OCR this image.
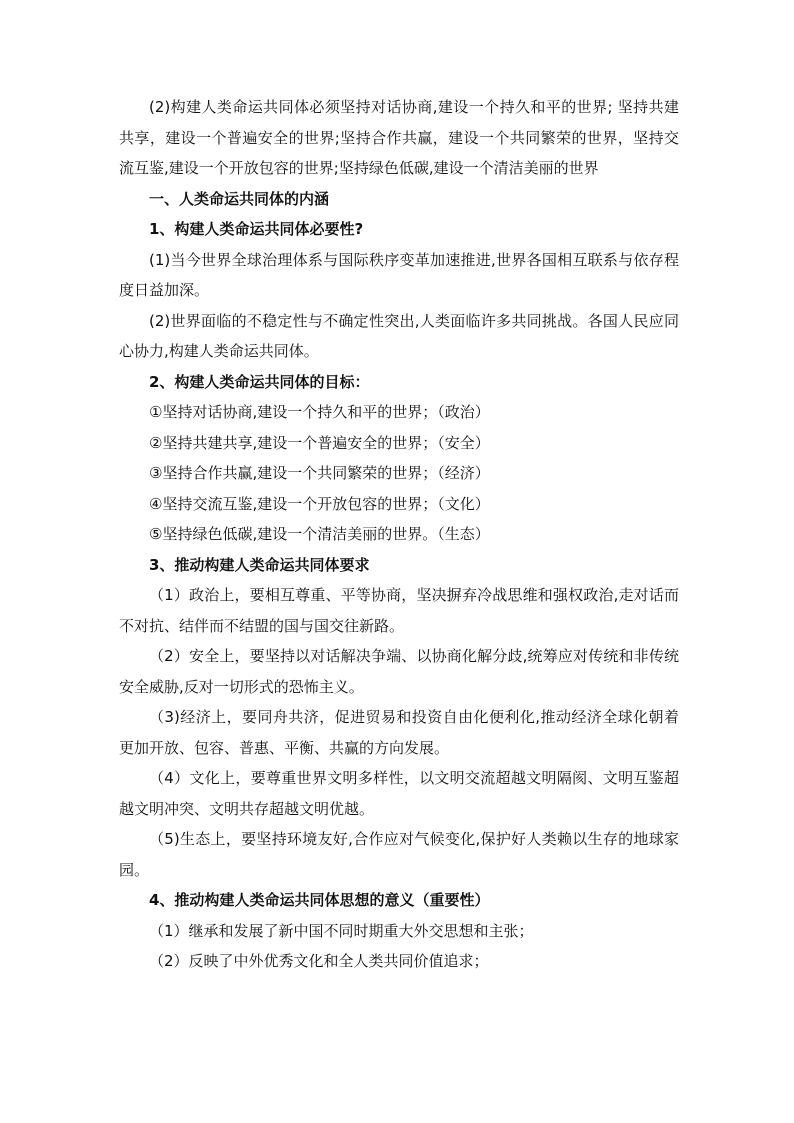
(2)构建人类命运共同体必须坚持对话协商,建设一个持久和平的世界; 坚持共建共享，建设一个普遍安全的世界;坚持合作共赢，建设一个共同繁荣的世界，坚持交流互鉴,建设一个开放包容的世界;坚持绿色低碳,建设一个清洁美丽的世界

一、人类命运共同体的内涵

1、构建人类命运共同体必要性?

(1)当今世界全球治理体系与国际秩序变革加速推进,世界各国相互联系与依存程度日益加深。

(2)世界面临的不稳定性与不确定性突出,人类面临许多共同挑战。各国人民应同心协力,构建人类命运共同体。

2、构建人类命运共同体的目标：

①坚持对话协商,建设一个持久和平的世界；（政治）

②坚持共建共享,建设一个普遍安全的世界；（安全）

③坚持合作共赢,建设一个共同繁荣的世界；（经济）

④坚持交流互鉴,建设一个开放包容的世界；（文化）

⑤坚持绿色低碳,建设一个清洁美丽的世界。（生态）

3、推动构建人类命运共同体要求

（1）政治上，要相互尊重、平等协商，坚决摒弃冷战思维和强权政治,走对话而不对抗、结伴而不结盟的国与国交往新路。

（2）安全上，要坚持以对话解决争端、以协商化解分歧,统筹应对传统和非传统安全威胁,反对一切形式的恐怖主义。

（3)经济上，要同舟共济，促进贸易和投资自由化便利化,推动经济全球化朝着更加开放、包容、普惠、平衡、共赢的方向发展。

（4）文化上，要尊重世界文明多样性，以文明交流超越文明隔阂、文明互鉴超越文明冲突、文明共存超越文明优越。

（5)生态上，要坚持环境友好,合作应对气候变化,保护好人类赖以生存的地球家园。

4、推动构建人类命运共同体思想的意义（重要性）

（1）继承和发展了新中国不同时期重大外交思想和主张；

（2）反映了中外优秀文化和全人类共同价值追求；
